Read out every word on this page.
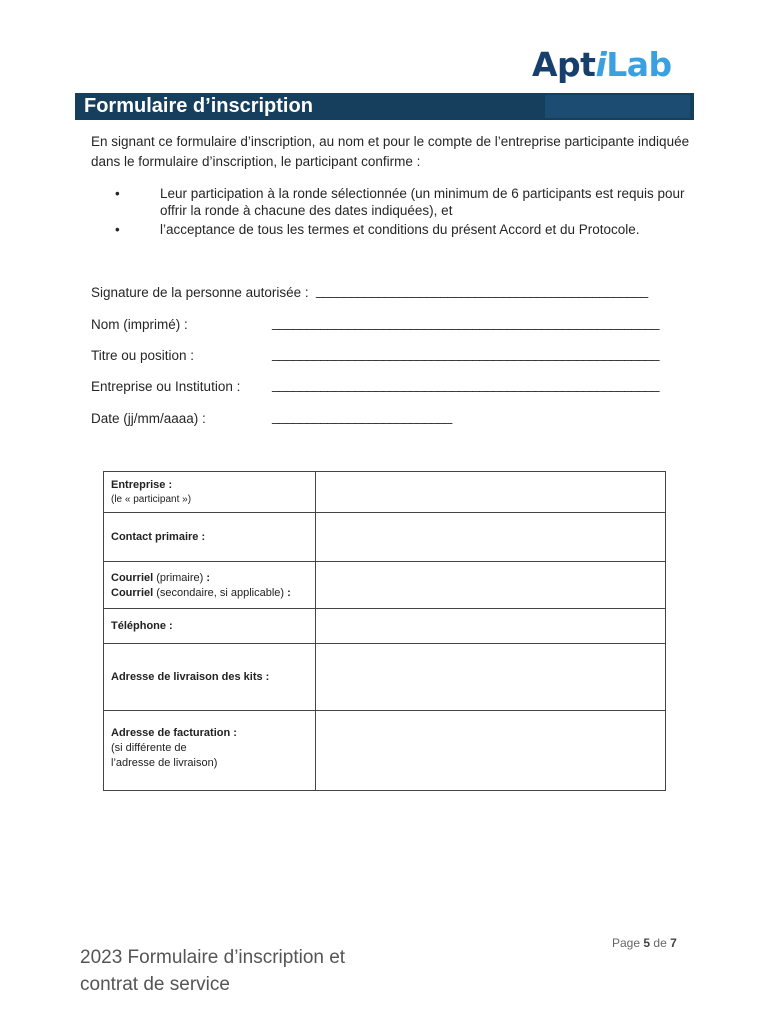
AptiLab
Formulaire d’inscription
En signant ce formulaire d’inscription, au nom et pour le compte de l’entreprise participante indiquée dans le formulaire d’inscription, le participant confirme :
•	Leur participation à la ronde sélectionnée (un minimum de 6 participants est requis pour offrir la ronde à chacune des dates indiquées), et
•	l’acceptance de tous les termes et conditions du présent Accord et du Protocole.
Signature de la personne autorisée : ________________________________________________
Nom (imprimé) :	________________________________________________________
Titre ou position :	________________________________________________________
Entreprise ou Institution : ________________________________________________________
Date (jj/mm/aaaa) :	__________________________
Entreprise :
(le « participant »)	

Contact primaire :	

Courriel (primaire) :
Courriel (secondaire, si applicable) :	

Téléphone :	
Adresse de livraison des kits :	

Adresse de facturation :
(si différente de
l’adresse de livraison)	

2023 Formulaire d’inscription et contrat de service
Page 5 de 7
